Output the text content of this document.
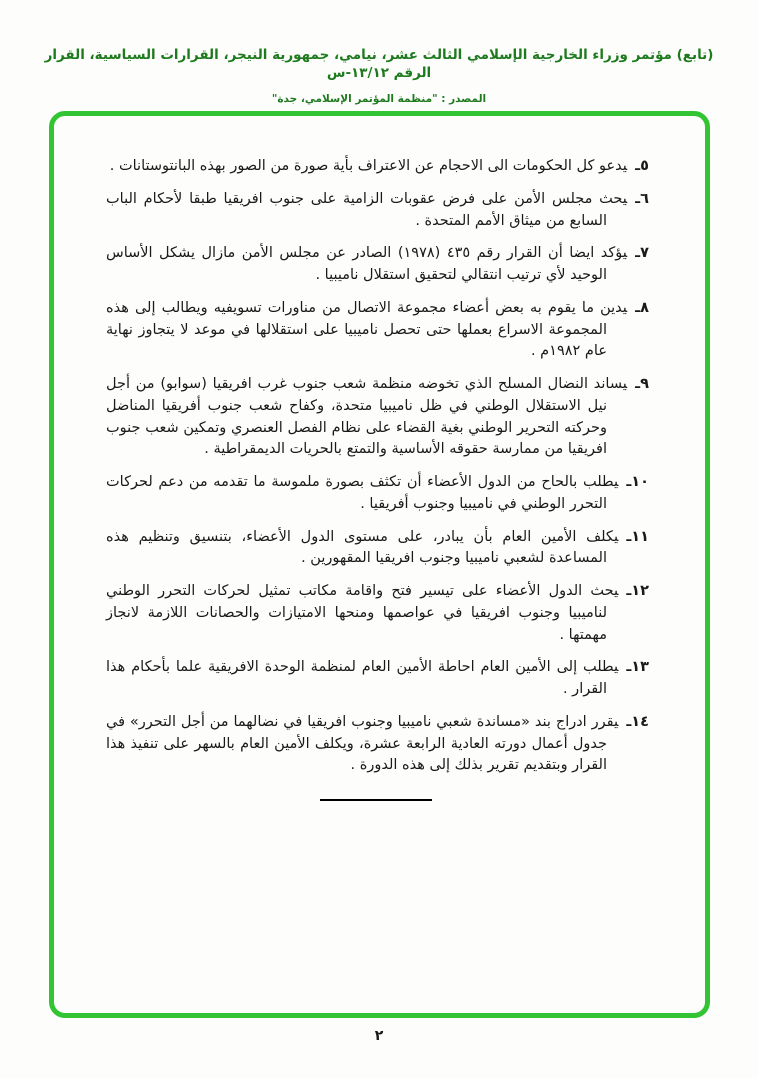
(تابع) مؤتمر وزراء الخارجية الإسلامي الثالث عشر، نيامي، جمهورية النيجر، القرارات السياسية، القرار الرقم ١٣/١٢-س
المصدر : "منظمة المؤتمر الإسلامي، جدة"

٥ـيدعو كل الحكومات الى الاحجام عن الاعتراف بأية صورة من الصور بهذه البانتوستانات .

٦ـيحث مجلس الأمن على فرض عقوبات الزامية على جنوب افريقيا طبقا لأحكام الباب السابع من ميثاق الأمم المتحدة .

٧ـيؤكد ايضا أن القرار رقم ٤٣٥ (١٩٧٨) الصادر عن مجلس الأمن مازال يشكل الأساس الوحيد لأي ترتيب انتقالي لتحقيق استقلال ناميبيا .

٨ـيدين ما يقوم به بعض أعضاء مجموعة الاتصال من مناورات تسويفيه ويطالب إلى هذه المجموعة الاسراع بعملها حتى تحصل ناميبيا على استقلالها في موعد لا يتجاوز نهاية عام ١٩٨٢م .

٩ـيساند النضال المسلح الذي تخوضه منظمة شعب جنوب غرب افريقيا (سوابو) من أجل نيل الاستقلال الوطني في ظل ناميبيا متحدة، وكفاح شعب جنوب أفريقيا المناضل وحركته التحرير الوطني بغية القضاء على نظام الفصل العنصري وتمكين شعب جنوب افريقيا من ممارسة حقوقه الأساسية والتمتع بالحريات الديمقراطية .

١٠ـيطلب بالحاح من الدول الأعضاء أن تكثف بصورة ملموسة ما تقدمه من دعم لحركات التحرر الوطني في ناميبيا وجنوب أفريقيا .

١١ـيكلف الأمين العام بأن يبادر، على مستوى الدول الأعضاء، بتنسيق وتنظيم هذه المساعدة لشعبي ناميبيا وجنوب افريقيا المقهورين .

١٢ـيحث الدول الأعضاء على تيسير فتح واقامة مكاتب تمثيل لحركات التحرر الوطني لناميبيا وجنوب افريقيا في عواصمها ومنحها الامتيازات والحصانات اللازمة لانجاز مهمتها .

١٣ـيطلب إلى الأمين العام احاطة الأمين العام لمنظمة الوحدة الافريقية علما بأحكام هذا القرار .

١٤ـيقرر ادراج بند «مساندة شعبي ناميبيا وجنوب افريقيا في نضالهما من أجل التحرر» في جدول أعمال دورته العادية الرابعة عشرة، ويكلف الأمين العام بالسهر على تنفيذ هذا القرار وبتقديم تقرير بذلك إلى هذه الدورة .

٢
